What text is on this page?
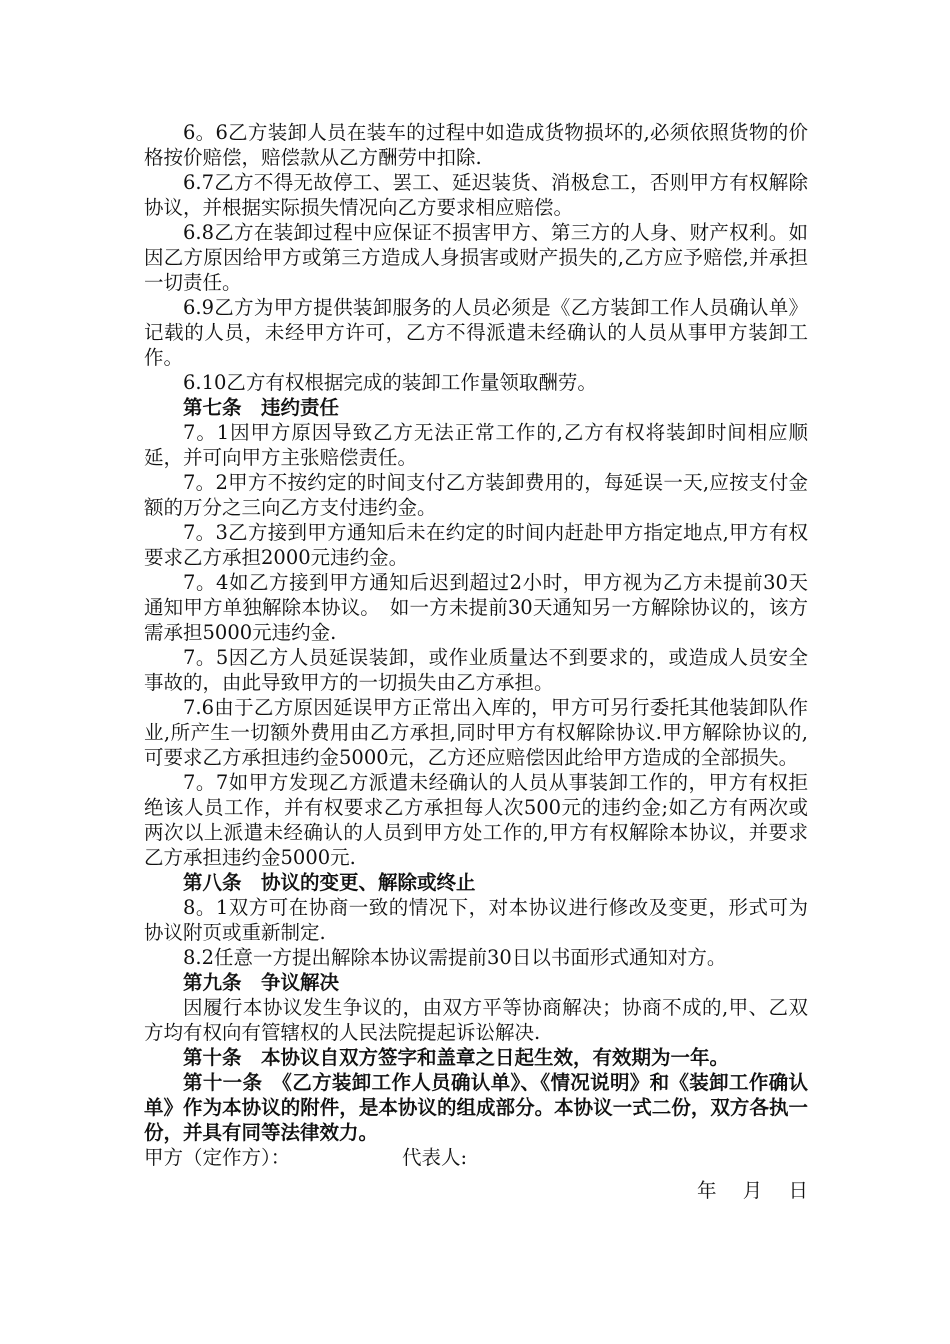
6。6乙方装卸人员在装车的过程中如造成货物损坏的,必须依照货物的价格按价赔偿，赔偿款从乙方酬劳中扣除.

6.7乙方不得无故停工、罢工、延迟装货、消极怠工，否则甲方有权解除协议，并根据实际损失情况向乙方要求相应赔偿。

6.8乙方在装卸过程中应保证不损害甲方、第三方的人身、财产权利。如因乙方原因给甲方或第三方造成人身损害或财产损失的,乙方应予赔偿,并承担一切责任。

6.9乙方为甲方提供装卸服务的人员必须是《乙方装卸工作人员确认单》记载的人员，未经甲方许可，乙方不得派遣未经确认的人员从事甲方装卸工作。

6.10乙方有权根据完成的装卸工作量领取酬劳。

第七条　违约责任

7。1因甲方原因导致乙方无法正常工作的,乙方有权将装卸时间相应顺延，并可向甲方主张赔偿责任。

7。2甲方不按约定的时间支付乙方装卸费用的，每延误一天,应按支付金额的万分之三向乙方支付违约金。

7。3乙方接到甲方通知后未在约定的时间内赶赴甲方指定地点,甲方有权要求乙方承担2000元违约金。

7。4如乙方接到甲方通知后迟到超过2小时，甲方视为乙方未提前30天通知甲方单独解除本协议。　如一方未提前30天通知另一方解除协议的，该方需承担5000元违约金.

7。5因乙方人员延误装卸，或作业质量达不到要求的，或造成人员安全事故的，由此导致甲方的一切损失由乙方承担。

7.6由于乙方原因延误甲方正常出入库的，甲方可另行委托其他装卸队作业,所产生一切额外费用由乙方承担,同时甲方有权解除协议.甲方解除协议的,可要求乙方承担违约金5000元，乙方还应赔偿因此给甲方造成的全部损失。

7。7如甲方发现乙方派遣未经确认的人员从事装卸工作的，甲方有权拒绝该人员工作，并有权要求乙方承担每人次500元的违约金;如乙方有两次或两次以上派遣未经确认的人员到甲方处工作的,甲方有权解除本协议，并要求乙方承担违约金5000元.

第八条　协议的变更、解除或终止

8。1双方可在协商一致的情况下，对本协议进行修改及变更，形式可为协议附页或重新制定.

8.2任意一方提出解除本协议需提前30日以书面形式通知对方。

第九条　争议解决

因履行本协议发生争议的，由双方平等协商解决；协商不成的,甲、乙双方均有权向有管辖权的人民法院提起诉讼解决.

第十条　本协议自双方签字和盖章之日起生效，有效期为一年。

第十一条　《乙方装卸工作人员确认单》、《情况说明》和《装卸工作确认单》作为本协议的附件，是本协议的组成部分。本协议一式二份，双方各执一份，并具有同等法律效力。

甲方（定作方）：	代表人:
年 月 日
